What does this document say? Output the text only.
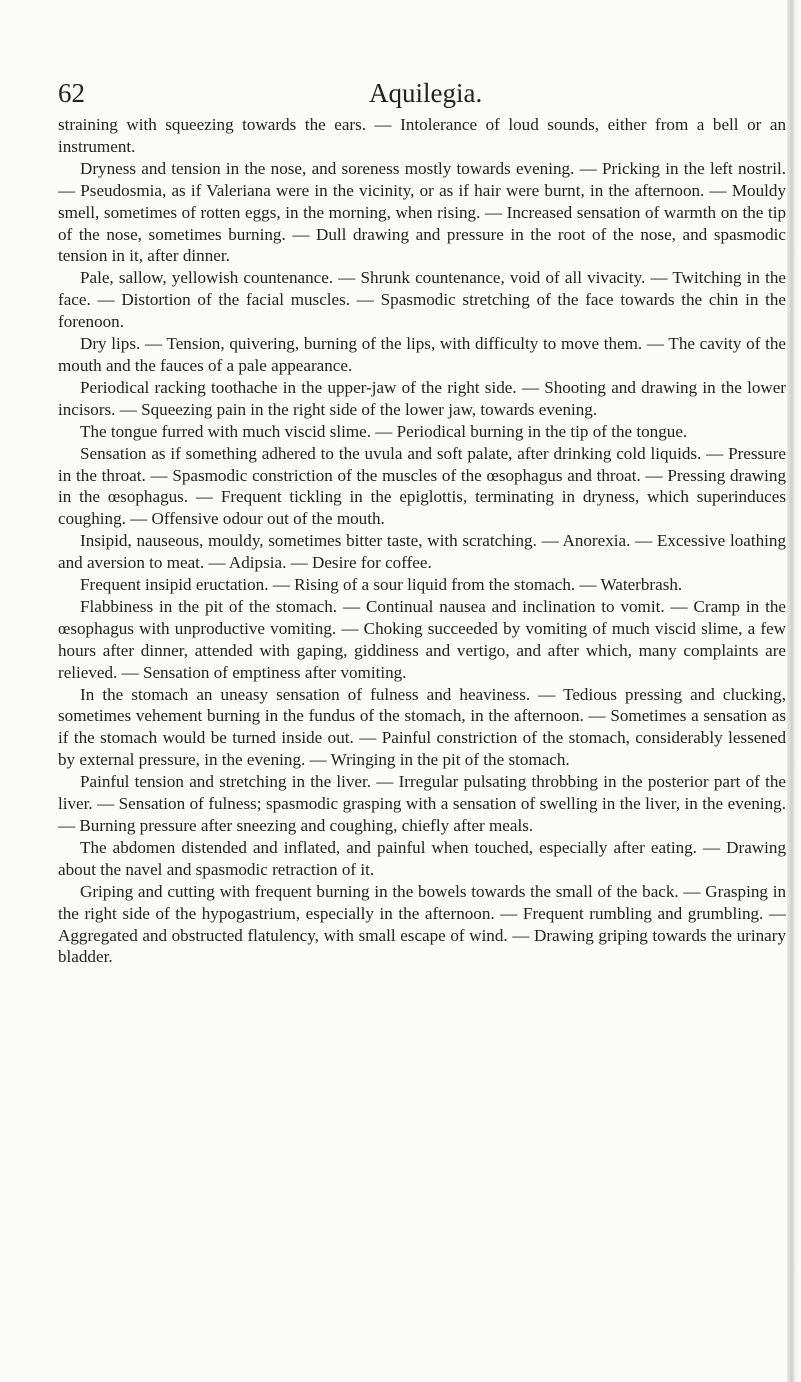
62	Aquilegia.

straining with squeezing towards the ears. — Intolerance of loud sounds, either from a bell or an instrument.

Dryness and tension in the nose, and soreness mostly towards evening. — Pricking in the left nostril. — Pseudosmia, as if Valeriana were in the vicinity, or as if hair were burnt, in the afternoon. — Mouldy smell, sometimes of rotten eggs, in the morning, when rising. — Increased sensation of warmth on the tip of the nose, sometimes burning. — Dull drawing and pressure in the root of the nose, and spasmodic tension in it, after dinner.

Pale, sallow, yellowish countenance. — Shrunk countenance, void of all vivacity. — Twitching in the face. — Distortion of the facial muscles. — Spasmodic stretching of the face towards the chin in the forenoon.

Dry lips. — Tension, quivering, burning of the lips, with difficulty to move them. — The cavity of the mouth and the fauces of a pale appearance.

Periodical racking toothache in the upper-jaw of the right side. — Shooting and drawing in the lower incisors. — Squeezing pain in the right side of the lower jaw, towards evening.

The tongue furred with much viscid slime. — Periodical burning in the tip of the tongue.

Sensation as if something adhered to the uvula and soft palate, after drinking cold liquids. — Pressure in the throat. — Spasmodic constriction of the muscles of the œsophagus and throat. — Pressing drawing in the œsophagus. — Frequent tickling in the epiglottis, terminating in dryness, which superinduces coughing. — Offensive odour out of the mouth.

Insipid, nauseous, mouldy, sometimes bitter taste, with scratching. — Anorexia. — Excessive loathing and aversion to meat. — Adipsia. — Desire for coffee.

Frequent insipid eructation. — Rising of a sour liquid from the stomach. — Waterbrash.

Flabbiness in the pit of the stomach. — Continual nausea and inclination to vomit. — Cramp in the œsophagus with unproductive vomiting. — Choking succeeded by vomiting of much viscid slime, a few hours after dinner, attended with gaping, giddiness and vertigo, and after which, many complaints are relieved. — Sensation of emptiness after vomiting.

In the stomach an uneasy sensation of fulness and heaviness. — Tedious pressing and clucking, sometimes vehement burning in the fundus of the stomach, in the afternoon. — Sometimes a sensation as if the stomach would be turned inside out. — Painful constriction of the stomach, considerably lessened by external pressure, in the evening. — Wringing in the pit of the stomach.

Painful tension and stretching in the liver. — Irregular pulsating throbbing in the posterior part of the liver. — Sensation of fulness; spasmodic grasping with a sensation of swelling in the liver, in the evening. — Burning pressure after sneezing and coughing, chiefly after meals.

The abdomen distended and inflated, and painful when touched, especially after eating. — Drawing about the navel and spasmodic retraction of it.

Griping and cutting with frequent burning in the bowels towards the small of the back. — Grasping in the right side of the hypogastrium, especially in the afternoon. — Frequent rumbling and grumbling. — Aggregated and obstructed flatulency, with small escape of wind. — Drawing griping towards the urinary bladder.
